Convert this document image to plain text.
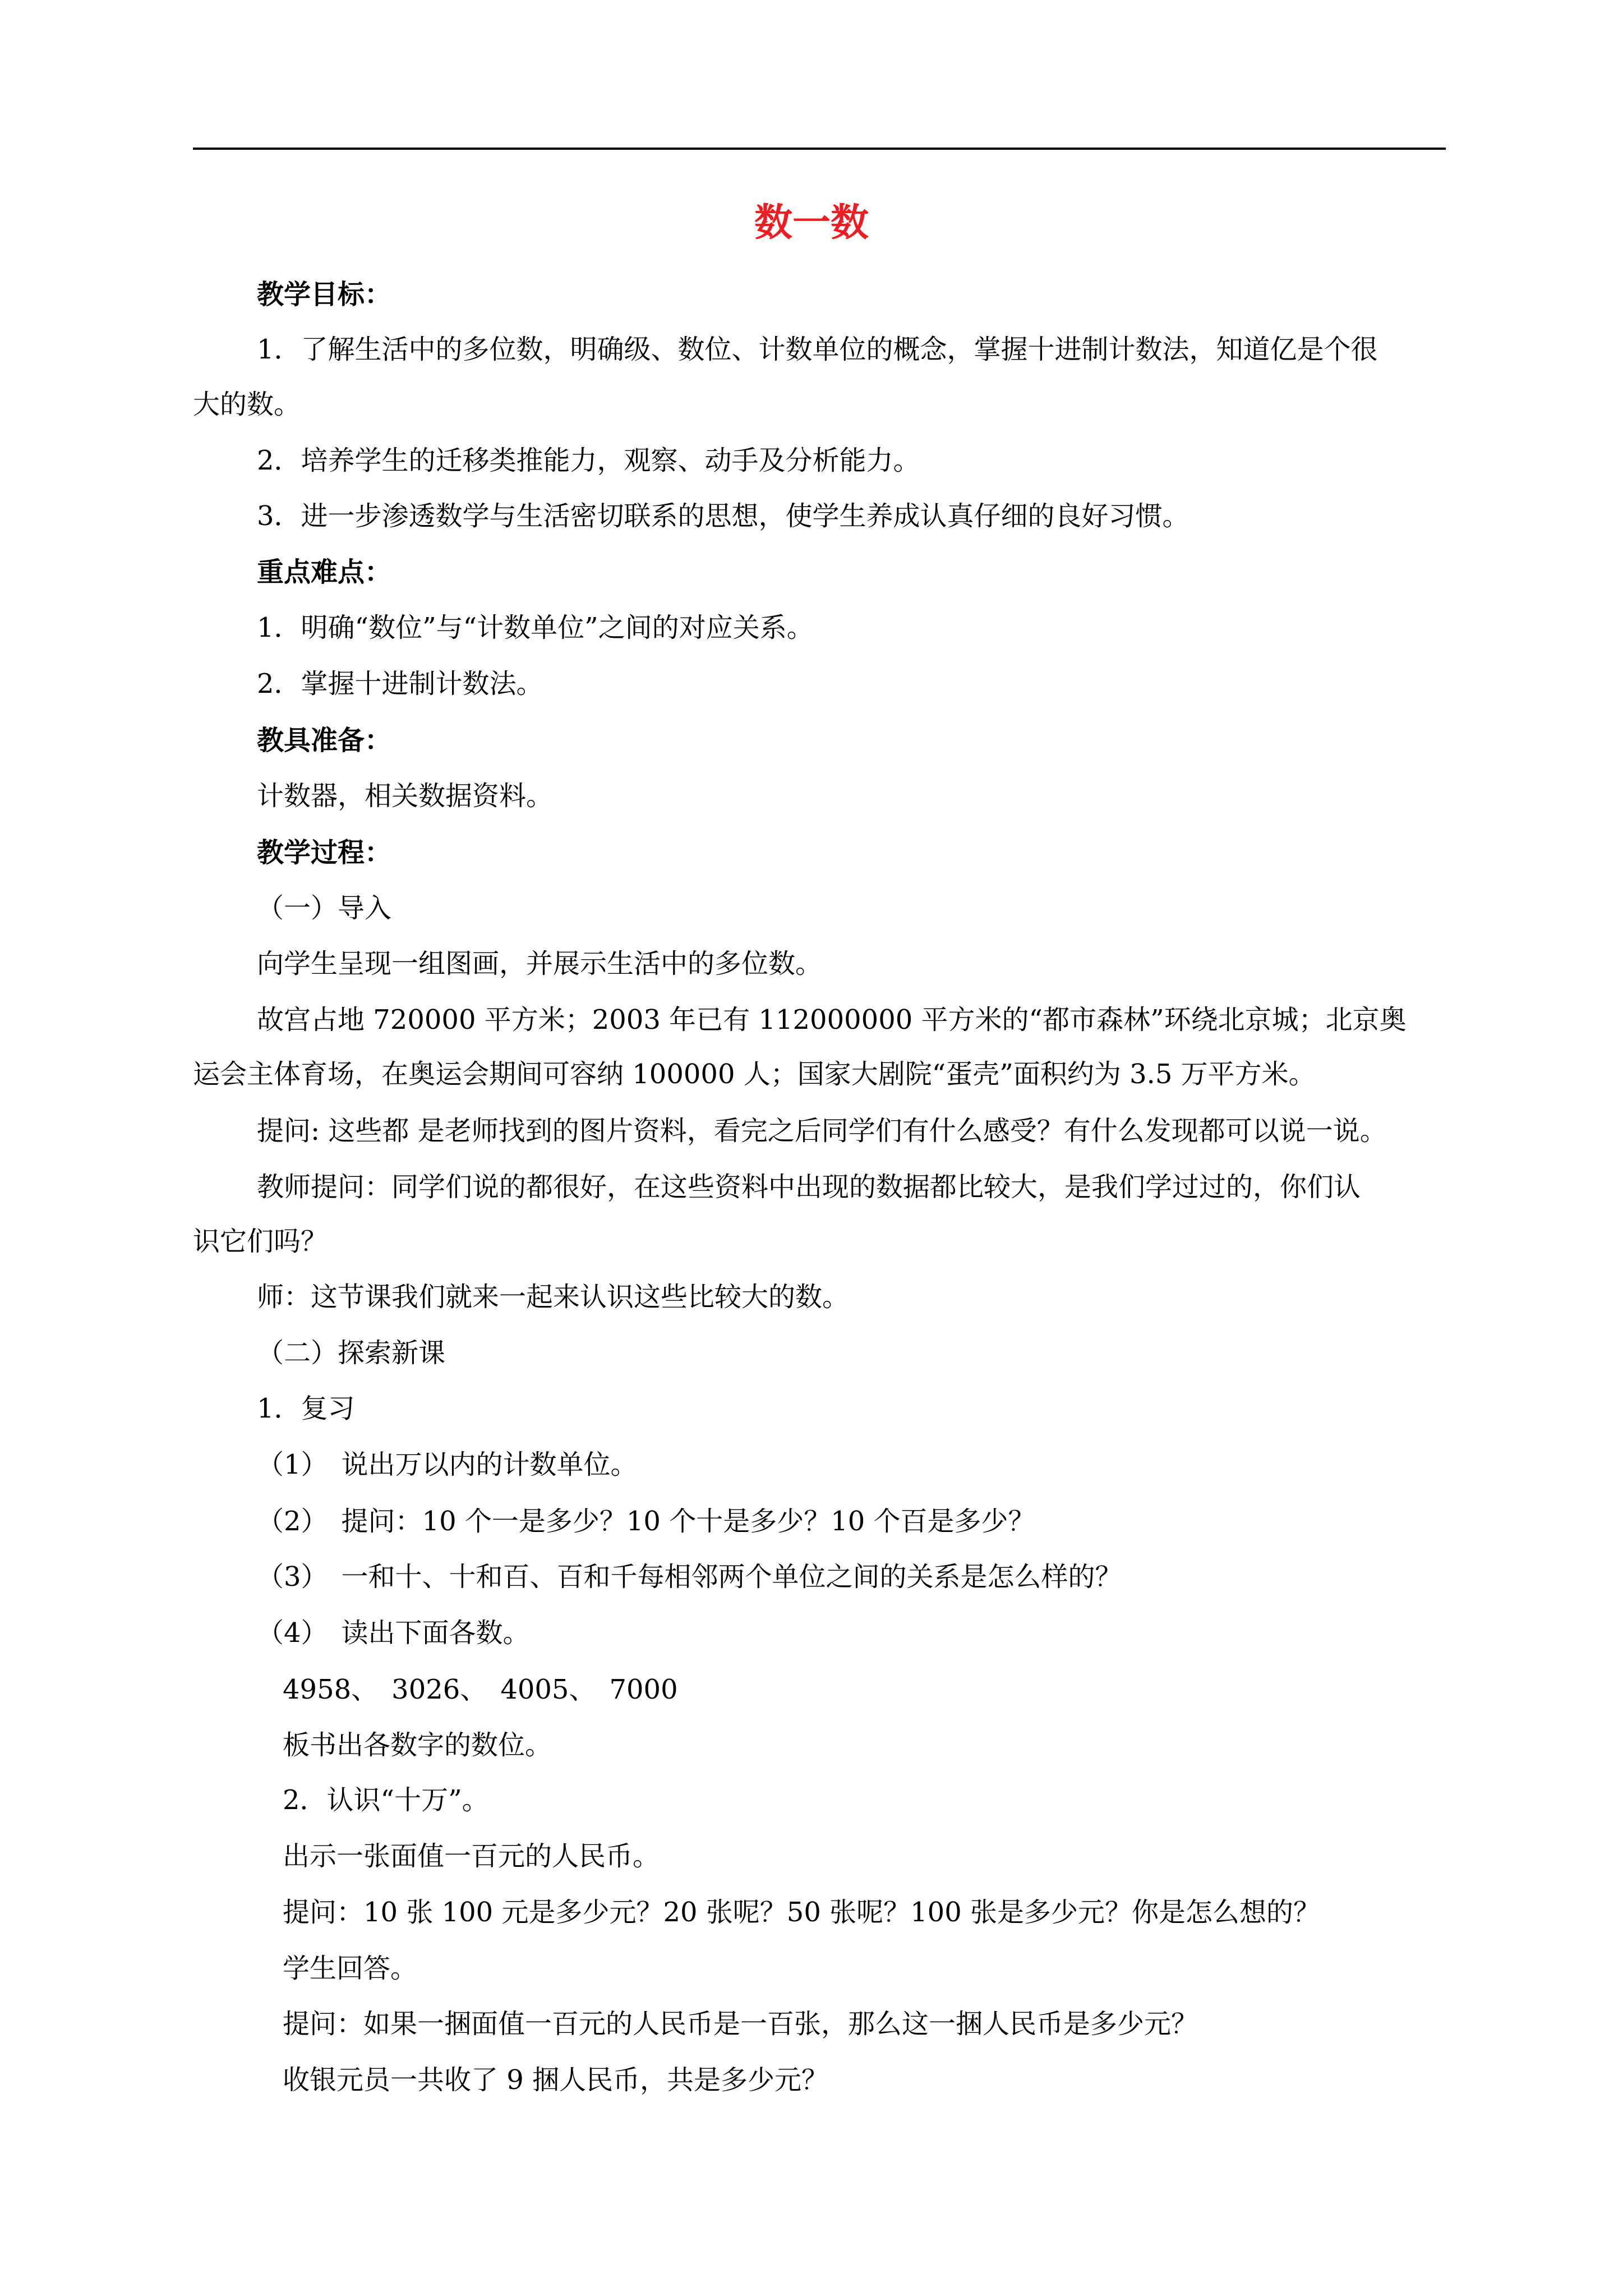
数一数
教学目标：
1．了解生活中的多位数，明确级、数位、计数单位的概念，掌握十进制计数法，知道亿是个很
大的数。
2．培养学生的迁移类推能力，观察、动手及分析能力。
3．进一步渗透数学与生活密切联系的思想，使学生养成认真仔细的良好习惯。
重点难点：
1．明确“数位”与“计数单位”之间的对应关系。
2．掌握十进制计数法。
教具准备：
计数器，相关数据资料。
教学过程：
（一）导入
向学生呈现一组图画，并展示生活中的多位数。
故宫占地 720000 平方米；2003 年已有 112000000 平方米的“都市森林”环绕北京城；北京奥
运会主体育场，在奥运会期间可容纳 100000 人；国家大剧院“蛋壳”面积约为 3.5 万平方米。
提问: 这些都 是老师找到的图片资料，看完之后同学们有什么感受？有什么发现都可以说一说。
教师提问：同学们说的都很好，在这些资料中出现的数据都比较大，是我们学过过的，你们认
识它们吗？
师：这节课我们就来一起来认识这些比较大的数。
（二）探索新课
1．复习
（1）　说出万以内的计数单位。
（2）　提问：10 个一是多少？10 个十是多少？10 个百是多少？
（3）　一和十、十和百、百和千每相邻两个单位之间的关系是怎么样的？
（4）　读出下面各数。
4958、　3026、　4005、　7000
板书出各数字的数位。
2．认识“十万”。
出示一张面值一百元的人民币。
提问：10 张 100 元是多少元？20 张呢？50 张呢？100 张是多少元？你是怎么想的？
学生回答。
提问：如果一捆面值一百元的人民币是一百张，那么这一捆人民币是多少元？
收银元员一共收了 9 捆人民币，共是多少元？
